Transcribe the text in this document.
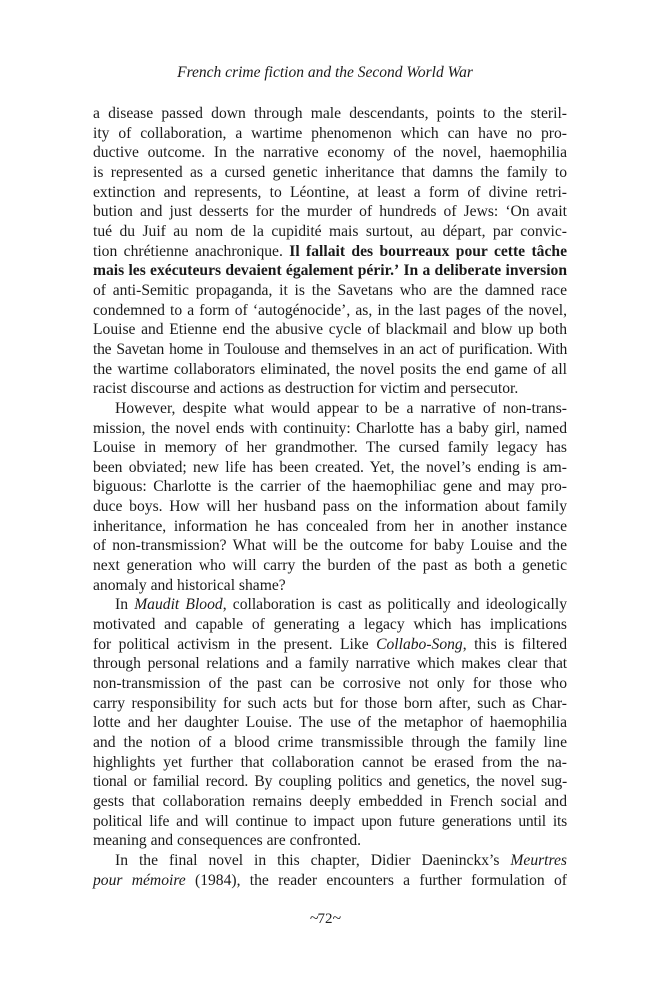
French crime fiction and the Second World War
a disease passed down through male descendants, points to the steril-
ity of collaboration, a wartime phenomenon which can have no pro-
ductive outcome. In the narrative economy of the novel, haemophilia
is represented as a cursed genetic inheritance that damns the family to
extinction and represents, to Léontine, at least a form of divine retri-
bution and just desserts for the murder of hundreds of Jews: ‘On avait
tué du Juif au nom de la cupidité mais surtout, au départ, par convic-
tion chrétienne anachronique. Il fallait des bourreaux pour cette tâche
mais les exécuteurs devaient également périr.’ In a deliberate inversion
of anti-Semitic propaganda, it is the Savetans who are the damned race
condemned to a form of ‘autogénocide’, as, in the last pages of the novel,
Louise and Etienne end the abusive cycle of blackmail and blow up both
the Savetan home in Toulouse and themselves in an act of purification. With
the wartime collaborators eliminated, the novel posits the end game of all
racist discourse and actions as destruction for victim and persecutor.
However, despite what would appear to be a narrative of non-trans-
mission, the novel ends with continuity: Charlotte has a baby girl, named
Louise in memory of her grandmother. The cursed family legacy has
been obviated; new life has been created. Yet, the novel’s ending is am-
biguous: Charlotte is the carrier of the haemophiliac gene and may pro-
duce boys. How will her husband pass on the information about family
inheritance, information he has concealed from her in another instance
of non-transmission? What will be the outcome for baby Louise and the
next generation who will carry the burden of the past as both a genetic
anomaly and historical shame?
In Maudit Blood, collaboration is cast as politically and ideologically
motivated and capable of generating a legacy which has implications
for political activism in the present. Like Collabo-Song, this is filtered
through personal relations and a family narrative which makes clear that
non-transmission of the past can be corrosive not only for those who
carry responsibility for such acts but for those born after, such as Char-
lotte and her daughter Louise. The use of the metaphor of haemophilia
and the notion of a blood crime transmissible through the family line
highlights yet further that collaboration cannot be erased from the na-
tional or familial record. By coupling politics and genetics, the novel sug-
gests that collaboration remains deeply embedded in French social and
political life and will continue to impact upon future generations until its
meaning and consequences are confronted.
In the final novel in this chapter, Didier Daeninckx’s Meurtres
pour mémoire (1984), the reader encounters a further formulation of
~72~
